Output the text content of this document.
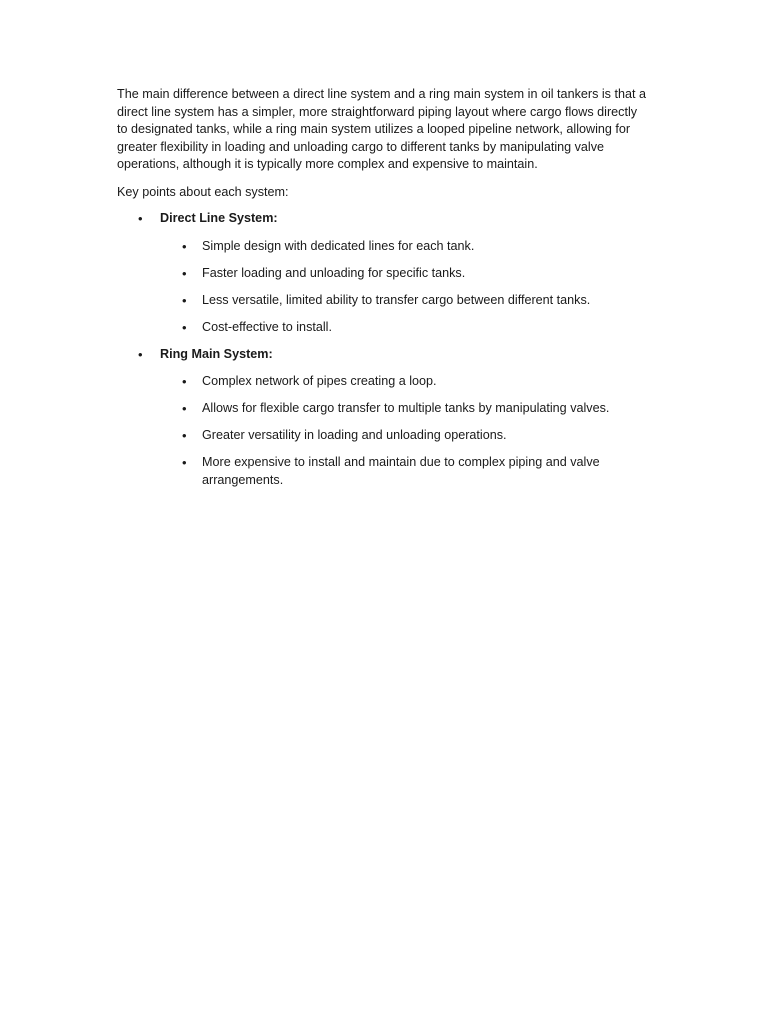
The main difference between a direct line system and a ring main system in oil tankers is that a direct line system has a simpler, more straightforward piping layout where cargo flows directly to designated tanks, while a ring main system utilizes a looped pipeline network, allowing for greater flexibility in loading and unloading cargo to different tanks by manipulating valve operations, although it is typically more complex and expensive to maintain.

Key points about each system:

• Direct Line System:
• Simple design with dedicated lines for each tank.
• Faster loading and unloading for specific tanks.
• Less versatile, limited ability to transfer cargo between different tanks.
• Cost-effective to install.
• Ring Main System:
• Complex network of pipes creating a loop.
• Allows for flexible cargo transfer to multiple tanks by manipulating valves.
• Greater versatility in loading and unloading operations.
• More expensive to install and maintain due to complex piping and valve arrangements.
